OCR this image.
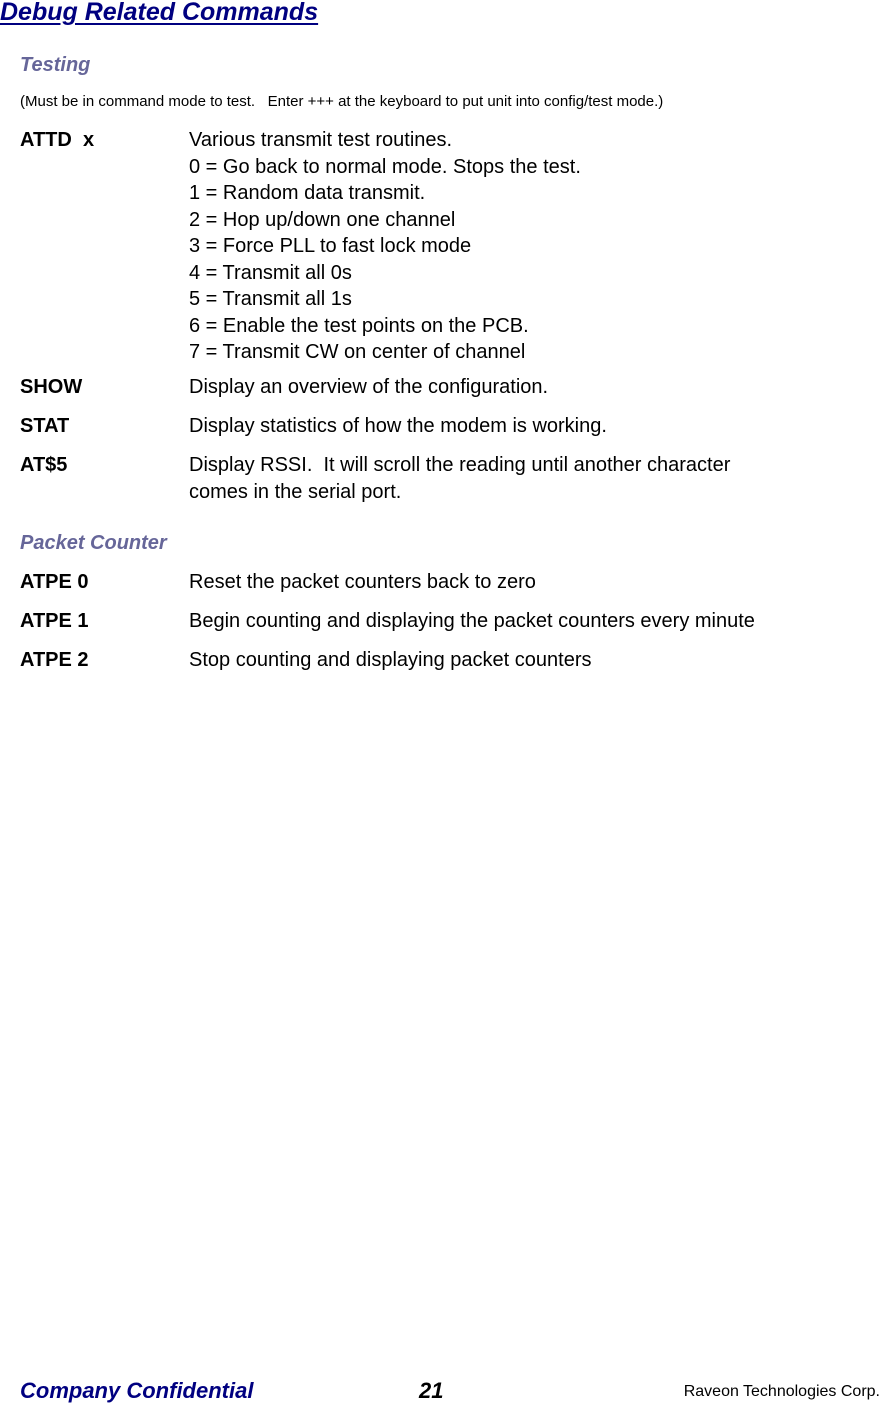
Debug Related Commands
Testing
(Must be in command mode to test.   Enter +++ at the keyboard to put unit into config/test mode.)
ATTD  x	Various transmit test routines.
0 = Go back to normal mode. Stops the test.
1 = Random data transmit.
2 = Hop up/down one channel
3 = Force PLL to fast lock mode
4 = Transmit all 0s
5 = Transmit all 1s
6 = Enable the test points on the PCB.
7 = Transmit CW on center of channel
SHOW	Display an overview of the configuration.
STAT	Display statistics of how the modem is working.
AT$5	Display RSSI.  It will scroll the reading until another character
comes in the serial port.
Packet Counter
ATPE 0	Reset the packet counters back to zero
ATPE 1	Begin counting and displaying the packet counters every minute
ATPE 2	Stop counting and displaying packet counters
Company Confidential	21	Raveon Technologies Corp.
